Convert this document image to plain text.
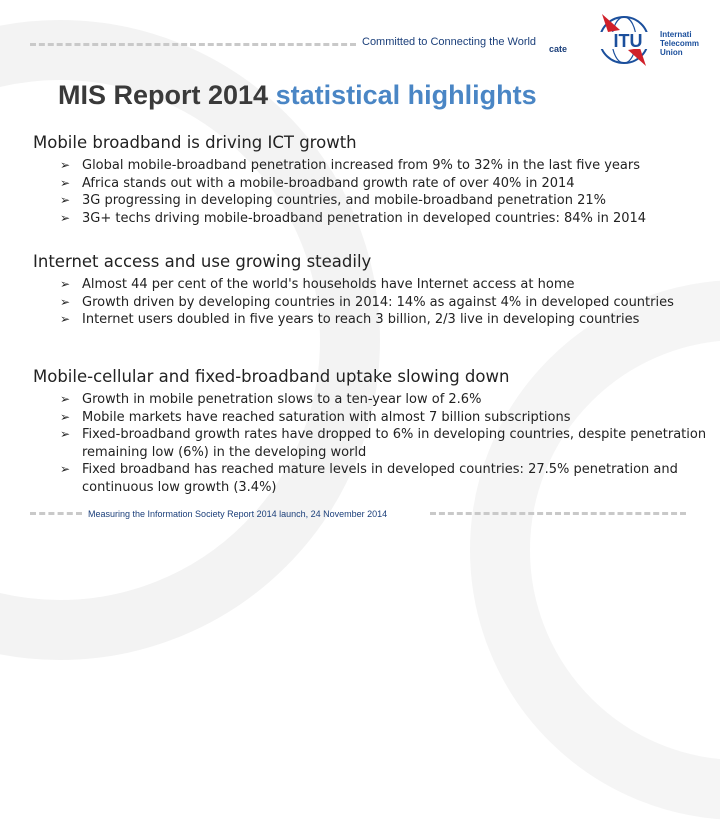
Committed to Connecting the World
cate	ITU Internati
Telecomm
Union
MIS Report 2014 statistical highlights
Mobile broadband is driving ICT growth
➢ Global mobile-broadband penetration increased from 9% to 32% in the last five years
➢ Africa stands out with a mobile-broadband growth rate of over 40% in 2014
➢ 3G progressing in developing countries, and mobile-broadband penetration 21%
➢ 3G+ techs driving mobile-broadband penetration in developed countries: 84% in 2014
Internet access and use growing steadily
➢ Almost 44 per cent of the world's households have Internet access at home
➢ Growth driven by developing countries in 2014: 14% as against 4% in developed countries
➢ Internet users doubled in five years to reach 3 billion, 2/3 live in developing countries
Mobile-cellular and fixed-broadband uptake slowing down
➢ Growth in mobile penetration slows to a ten-year low of 2.6%
➢ Mobile markets have reached saturation with almost 7 billion subscriptions
➢ Fixed-broadband growth rates have dropped to 6% in developing countries, despite penetration remaining low (6%) in the developing world
➢ Fixed broadband has reached mature levels in developed countries: 27.5% penetration and continuous low growth (3.4%)
Measuring the Information Society Report 2014 launch, 24 November 2014
